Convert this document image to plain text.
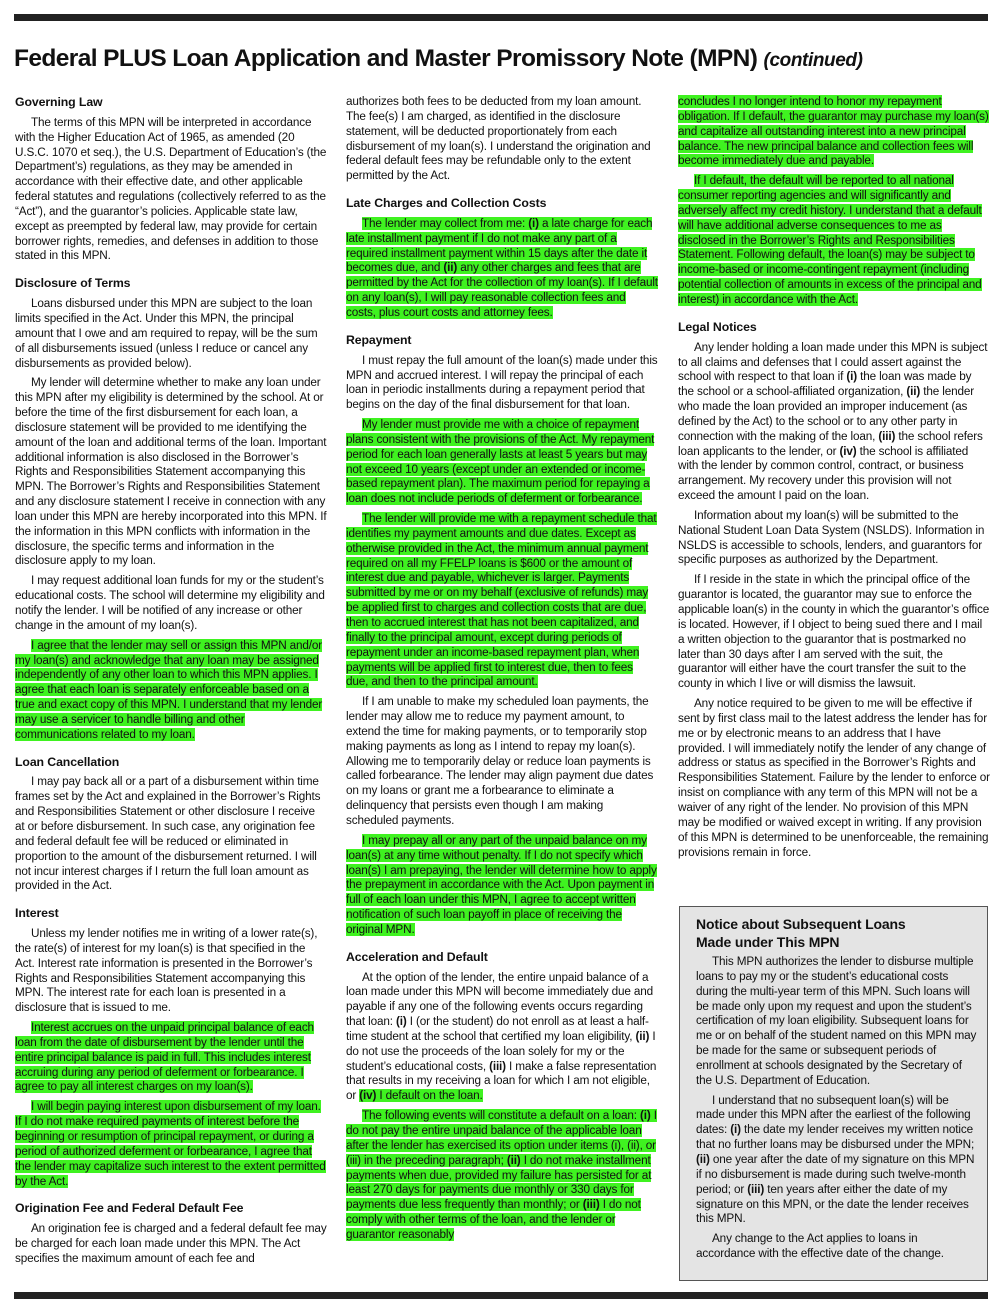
Federal PLUS Loan Application and Master Promissory Note (MPN) (continued)
Governing Law

The terms of this MPN will be interpreted in accordance with the Higher Education Act of 1965, as amended (20 U.S.C. 1070 et seq.), the U.S. Department of Education’s (the Department’s) regulations, as they may be amended in accordance with their effective date, and other applicable federal statutes and regulations (collectively referred to as the “Act”), and the guarantor’s policies. Applicable state law, except as preempted by federal law, may provide for certain borrower rights, remedies, and defenses in addition to those stated in this MPN.

Disclosure of Terms

Loans disbursed under this MPN are subject to the loan limits specified in the Act. Under this MPN, the principal amount that I owe and am required to repay, will be the sum of all disbursements issued (unless I reduce or cancel any disbursements as provided below).

My lender will determine whether to make any loan under this MPN after my eligibility is determined by the school. At or before the time of the first disbursement for each loan, a disclosure statement will be provided to me identifying the amount of the loan and additional terms of the loan. Important additional information is also disclosed in the Borrower’s Rights and Responsibilities Statement accompanying this MPN. The Borrower’s Rights and Responsibilities Statement and any disclosure statement I receive in connection with any loan under this MPN are hereby incorporated into this MPN. If the information in this MPN conflicts with information in the disclosure, the specific terms and information in the disclosure apply to my loan.

I may request additional loan funds for my or the student’s educational costs. The school will determine my eligibility and notify the lender. I will be notified of any increase or other change in the amount of my loan(s).

I agree that the lender may sell or assign this MPN and/or my loan(s) and acknowledge that any loan may be assigned independently of any other loan to which this MPN applies. I agree that each loan is separately enforceable based on a true and exact copy of this MPN. I understand that my lender may use a servicer to handle billing and other communications related to my loan.

Loan Cancellation

I may pay back all or a part of a disbursement within time frames set by the Act and explained in the Borrower’s Rights and Responsibilities Statement or other disclosure I receive at or before disbursement. In such case, any origination fee and federal default fee will be reduced or eliminated in proportion to the amount of the disbursement returned. I will not incur interest charges if I return the full loan amount as provided in the Act.

Interest

Unless my lender notifies me in writing of a lower rate(s), the rate(s) of interest for my loan(s) is that specified in the Act. Interest rate information is presented in the Borrower’s Rights and Responsibilities Statement accompanying this MPN. The interest rate for each loan is presented in a disclosure that is issued to me.

Interest accrues on the unpaid principal balance of each loan from the date of disbursement by the lender until the entire principal balance is paid in full. This includes interest accruing during any period of deferment or forbearance. I agree to pay all interest charges on my loan(s).

I will begin paying interest upon disbursement of my loan. If I do not make required payments of interest before the beginning or resumption of principal repayment, or during a period of authorized deferment or forbearance, I agree that the lender may capitalize such interest to the extent permitted by the Act.

Origination Fee and Federal Default Fee

An origination fee is charged and a federal default fee may be charged for each loan made under this MPN. The Act specifies the maximum amount of each fee and

authorizes both fees to be deducted from my loan amount. The fee(s) I am charged, as identified in the disclosure statement, will be deducted proportionately from each disbursement of my loan(s). I understand the origination and federal default fees may be refundable only to the extent permitted by the Act.

Late Charges and Collection Costs

The lender may collect from me: (i) a late charge for each late installment payment if I do not make any part of a required installment payment within 15 days after the date it becomes due, and (ii) any other charges and fees that are permitted by the Act for the collection of my loan(s). If I default on any loan(s), I will pay reasonable collection fees and costs, plus court costs and attorney fees.

Repayment

I must repay the full amount of the loan(s) made under this MPN and accrued interest. I will repay the principal of each loan in periodic installments during a repayment period that begins on the day of the final disbursement for that loan.

My lender must provide me with a choice of repayment plans consistent with the provisions of the Act. My repayment period for each loan generally lasts at least 5 years but may not exceed 10 years (except under an extended or income-based repayment plan). The maximum period for repaying a loan does not include periods of deferment or forbearance.

The lender will provide me with a repayment schedule that identifies my payment amounts and due dates. Except as otherwise provided in the Act, the minimum annual payment required on all my FFELP loans is $600 or the amount of interest due and payable, whichever is larger. Payments submitted by me or on my behalf (exclusive of refunds) may be applied first to charges and collection costs that are due, then to accrued interest that has not been capitalized, and finally to the principal amount, except during periods of repayment under an income-based repayment plan, when payments will be applied first to interest due, then to fees due, and then to the principal amount.

If I am unable to make my scheduled loan payments, the lender may allow me to reduce my payment amount, to extend the time for making payments, or to temporarily stop making payments as long as I intend to repay my loan(s). Allowing me to temporarily delay or reduce loan payments is called forbearance. The lender may align payment due dates on my loans or grant me a forbearance to eliminate a delinquency that persists even though I am making scheduled payments.

I may prepay all or any part of the unpaid balance on my loan(s) at any time without penalty. If I do not specify which loan(s) I am prepaying, the lender will determine how to apply the prepayment in accordance with the Act. Upon payment in full of each loan under this MPN, I agree to accept written notification of such loan payoff in place of receiving the original MPN.

Acceleration and Default

At the option of the lender, the entire unpaid balance of a loan made under this MPN will become immediately due and payable if any one of the following events occurs regarding that loan: (i) I (or the student) do not enroll as at least a half-time student at the school that certified my loan eligibility, (ii) I do not use the proceeds of the loan solely for my or the student’s educational costs, (iii) I make a false representation that results in my receiving a loan for which I am not eligible, or (iv) I default on the loan.

The following events will constitute a default on a loan: (i) I do not pay the entire unpaid balance of the applicable loan after the lender has exercised its option under items (i), (ii), or (iii) in the preceding paragraph; (ii) I do not make installment payments when due, provided my failure has persisted for at least 270 days for payments due monthly or 330 days for payments due less frequently than monthly; or (iii) I do not comply with other terms of the loan, and the lender or guarantor reasonably

concludes I no longer intend to honor my repayment obligation. If I default, the guarantor may purchase my loan(s) and capitalize all outstanding interest into a new principal balance. The new principal balance and collection fees will become immediately due and payable.

If I default, the default will be reported to all national consumer reporting agencies and will significantly and adversely affect my credit history. I understand that a default will have additional adverse consequences to me as disclosed in the Borrower’s Rights and Responsibilities Statement. Following default, the loan(s) may be subject to income-based or income-contingent repayment (including potential collection of amounts in excess of the principal and interest) in accordance with the Act.

Legal Notices

Any lender holding a loan made under this MPN is subject to all claims and defenses that I could assert against the school with respect to that loan if (i) the loan was made by the school or a school-affiliated organization, (ii) the lender who made the loan provided an improper inducement (as defined by the Act) to the school or to any other party in connection with the making of the loan, (iii) the school refers loan applicants to the lender, or (iv) the school is affiliated with the lender by common control, contract, or business arrangement. My recovery under this provision will not exceed the amount I paid on the loan.

Information about my loan(s) will be submitted to the National Student Loan Data System (NSLDS). Information in NSLDS is accessible to schools, lenders, and guarantors for specific purposes as authorized by the Department.

If I reside in the state in which the principal office of the guarantor is located, the guarantor may sue to enforce the applicable loan(s) in the county in which the guarantor’s office is located. However, if I object to being sued there and I mail a written objection to the guarantor that is postmarked no later than 30 days after I am served with the suit, the guarantor will either have the court transfer the suit to the county in which I live or will dismiss the lawsuit.

Any notice required to be given to me will be effective if sent by first class mail to the latest address the lender has for me or by electronic means to an address that I have provided. I will immediately notify the lender of any change of address or status as specified in the Borrower’s Rights and Responsibilities Statement. Failure by the lender to enforce or insist on compliance with any term of this MPN will not be a waiver of any right of the lender. No provision of this MPN may be modified or waived except in writing. If any provision of this MPN is determined to be unenforceable, the remaining provisions remain in force.

Notice about Subsequent Loans
Made under This MPN

This MPN authorizes the lender to disburse multiple loans to pay my or the student’s educational costs during the multi-year term of this MPN. Such loans will be made only upon my request and upon the student’s certification of my loan eligibility. Subsequent loans for me or on behalf of the student named on this MPN may be made for the same or subsequent periods of enrollment at schools designated by the Secretary of the U.S. Department of Education.

I understand that no subsequent loan(s) will be made under this MPN after the earliest of the following dates: (i) the date my lender receives my written notice that no further loans may be disbursed under the MPN; (ii) one year after the date of my signature on this MPN if no disbursement is made during such twelve-month period; or (iii) ten years after either the date of my signature on this MPN, or the date the lender receives this MPN.

Any change to the Act applies to loans in accordance with the effective date of the change.
